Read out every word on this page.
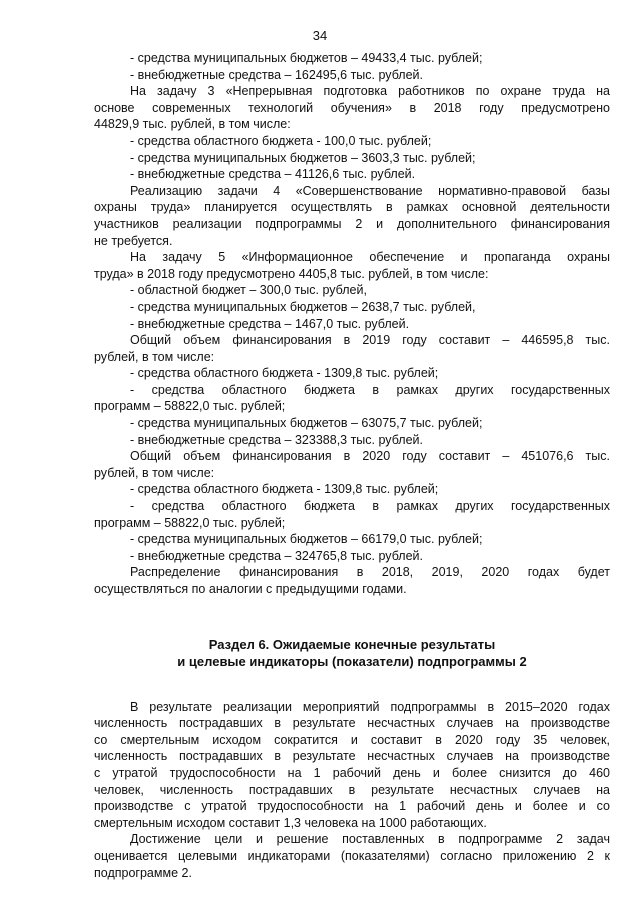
34
- средства муниципальных бюджетов – 49433,4 тыс. рублей;
- внебюджетные средства – 162495,6 тыс. рублей.
На задачу 3 «Непрерывная подготовка работников по охране труда на
основе современных технологий обучения» в 2018 году предусмотрено
44829,9 тыс. рублей, в том числе:
- средства областного бюджета - 100,0 тыс. рублей;
- средства муниципальных бюджетов – 3603,3 тыс. рублей;
- внебюджетные средства – 41126,6 тыс. рублей.
Реализацию задачи 4 «Совершенствование нормативно-правовой базы
охраны труда» планируется осуществлять в рамках основной деятельности
участников реализации подпрограммы 2 и дополнительного финансирования
не требуется.
На задачу 5 «Информационное обеспечение и пропаганда охраны
труда» в 2018 году предусмотрено 4405,8 тыс. рублей, в том числе:
- областной бюджет – 300,0 тыс. рублей,
- средства муниципальных бюджетов – 2638,7 тыс. рублей,
- внебюджетные средства – 1467,0 тыс. рублей.
Общий объем финансирования в 2019 году составит – 446595,8 тыс.
рублей, в том числе:
- средства областного бюджета - 1309,8 тыс. рублей;
- средства областного бюджета в рамках других государственных
программ – 58822,0 тыс. рублей;
- средства муниципальных бюджетов – 63075,7 тыс. рублей;
- внебюджетные средства – 323388,3 тыс. рублей.
Общий объем финансирования в 2020 году составит – 451076,6 тыс.
рублей, в том числе:
- средства областного бюджета - 1309,8 тыс. рублей;
- средства областного бюджета в рамках других государственных
программ – 58822,0 тыс. рублей;
- средства муниципальных бюджетов – 66179,0 тыс. рублей;
- внебюджетные средства – 324765,8 тыс. рублей.
Распределение финансирования в 2018, 2019, 2020 годах будет
осуществляться по аналогии с предыдущими годами.
Раздел 6. Ожидаемые конечные результаты
и целевые индикаторы (показатели) подпрограммы 2
В результате реализации мероприятий подпрограммы в 2015–2020 годах
численность пострадавших в результате несчастных случаев на производстве
со смертельным исходом сократится и составит в 2020 году 35 человек,
численность пострадавших в результате несчастных случаев на производстве
с утратой трудоспособности на 1 рабочий день и более снизится до 460
человек, численность пострадавших в результате несчастных случаев на
производстве с утратой трудоспособности на 1 рабочий день и более и со
смертельным исходом составит 1,3 человека на 1000 работающих.
Достижение цели и решение поставленных в подпрограмме 2 задач
оценивается целевыми индикаторами (показателями) согласно приложению 2 к
подпрограмме 2.
